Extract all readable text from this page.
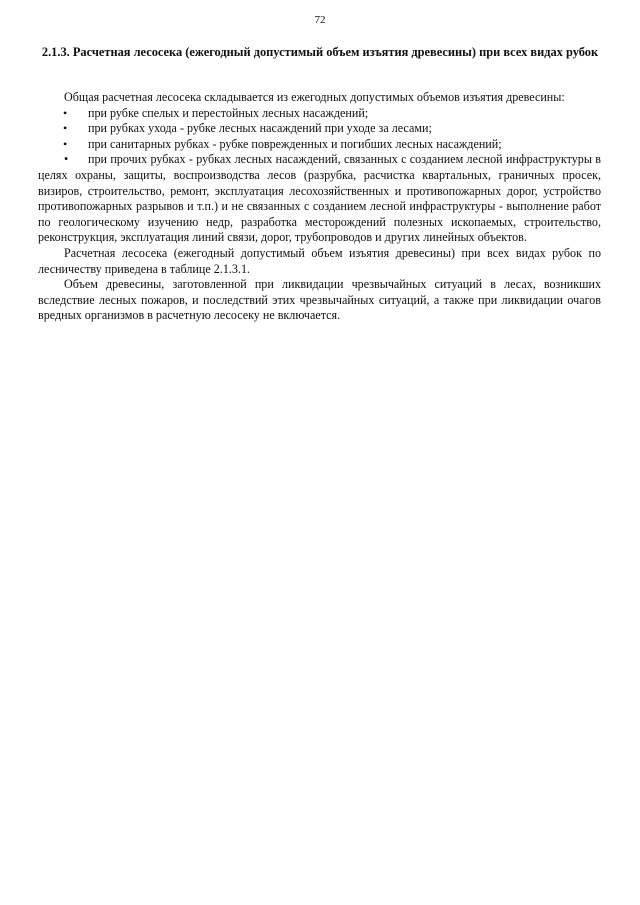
72
2.1.3. Расчетная лесосека (ежегодный допустимый объем изъятия древесины) при всех видах рубок

Общая расчетная лесосека складывается из ежегодных допустимых объемов изъятия древесины:

• при рубке спелых и перестойных лесных насаждений;
• при рубках ухода - рубке лесных насаждений при уходе за лесами;
• при санитарных рубках - рубке поврежденных и погибших лесных насаждений;

• при прочих рубках - рубках лесных насаждений, связанных с созданием лесной инфраструктуры в целях охраны, защиты, воспроизводства лесов (разрубка, расчистка квартальных, граничных просек, визиров, строительство, ремонт, эксплуатация лесохозяйственных и противопожарных дорог, устройство противопожарных разрывов и т.п.) и не связанных с созданием лесной инфраструктуры - выполнение работ по геологическому изучению недр, разработка месторождений полезных ископаемых, строительство, реконструкция, эксплуатация линий связи, дорог, трубопроводов и других линейных объектов.

Расчетная лесосека (ежегодный допустимый объем изъятия древесины) при всех видах рубок по лесничеству приведена в таблице 2.1.3.1.

Объем древесины, заготовленной при ликвидации чрезвычайных ситуаций в лесах, возникших вследствие лесных пожаров, и последствий этих чрезвычайных ситуаций, а также при ликвидации очагов вредных организмов в расчетную лесосеку не включается.
